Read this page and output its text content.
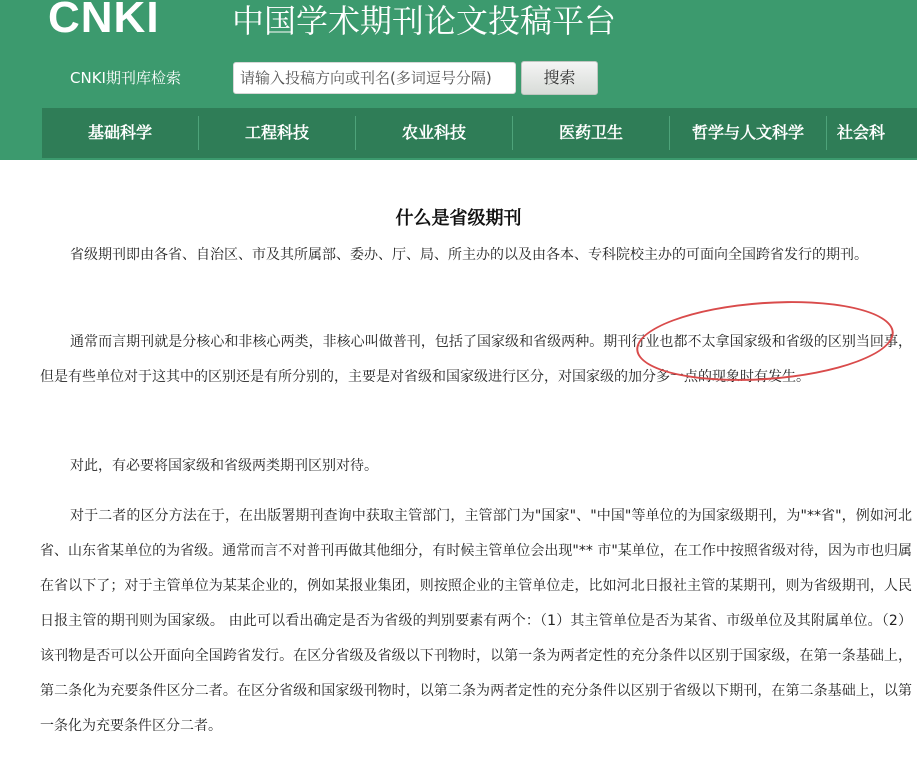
CNKI 中国学术期刊论文投稿平台
CNKI期刊库检索	请输入投稿方向或刊名(多词逗号分隔)	搜索
基础科学	工程科技	农业科技	医药卫生	哲学与人文科学	社会科
什么是省级期刊
省级期刊即由各省、自治区、市及其所属部、委办、厅、局、所主办的以及由各本、专科院校主办的可面向全国跨省发行的期刊。
通常而言期刊就是分核心和非核心两类，非核心叫做普刊，包括了国家级和省级两种。期刊行业也都不太拿国家级和省级的区别当回事，但是有些单位对于这其中的区别还是有所分别的，主要是对省级和国家级进行区分，对国家级的加分多一点的现象时有发生。
对此，有必要将国家级和省级两类期刊区别对待。
对于二者的区分方法在于，在出版署期刊查询中获取主管部门，主管部门为"国家"、"中国"等单位的为国家级期刊，为"**省"，例如河北省、山东省某单位的为省级。通常而言不对普刊再做其他细分，有时候主管单位会出现"** 市"某单位，在工作中按照省级对待，因为市也归属在省以下了；对于主管单位为某某企业的，例如某报业集团，则按照企业的主管单位走，比如河北日报社主管的某期刊，则为省级期刊，人民日报主管的期刊则为国家级。 由此可以看出确定是否为省级的判别要素有两个：（1）其主管单位是否为某省、市级单位及其附属单位。（2）该刊物是否可以公开面向全国跨省发行。在区分省级及省级以下刊物时，以第一条为两者定性的充分条件以区别于国家级，在第一条基础上，第二条化为充要条件区分二者。在区分省级和国家级刊物时，以第二条为两者定性的充分条件以区别于省级以下期刊，在第二条基础上，以第一条化为充要条件区分二者。
